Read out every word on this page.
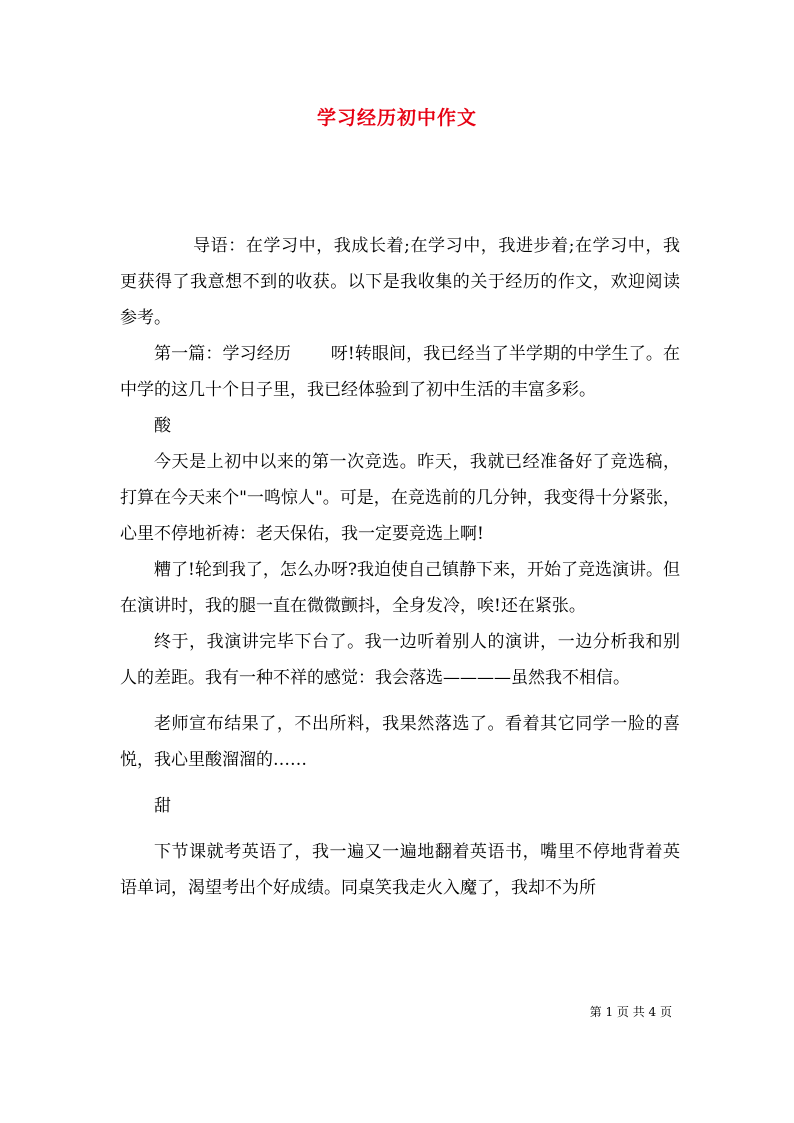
学习经历初中作文

导语：在学习中，我成长着;在学习中，我进步着;在学习中，我更获得了我意想不到的收获。以下是我收集的关于经历的作文，欢迎阅读参考。

第一篇：学习经历　　 呀!转眼间，我已经当了半学期的中学生了。在中学的这几十个日子里，我已经体验到了初中生活的丰富多彩。

酸

今天是上初中以来的第一次竞选。昨天，我就已经准备好了竞选稿，打算在今天来个"一鸣惊人"。可是，在竞选前的几分钟，我变得十分紧张，心里不停地祈祷：老天保佑，我一定要竞选上啊!

糟了!轮到我了，怎么办呀?我迫使自己镇静下来，开始了竞选演讲。但在演讲时，我的腿一直在微微颤抖，全身发冷，唉!还在紧张。

终于，我演讲完毕下台了。我一边听着别人的演讲，一边分析我和别人的差距。我有一种不祥的感觉：我会落选————虽然我不相信。

老师宣布结果了，不出所料，我果然落选了。看着其它同学一脸的喜悦，我心里酸溜溜的……

甜

下节课就考英语了，我一遍又一遍地翻着英语书，嘴里不停地背着英语单词，渴望考出个好成绩。同桌笑我走火入魔了，我却不为所

第 1 页 共 4 页
